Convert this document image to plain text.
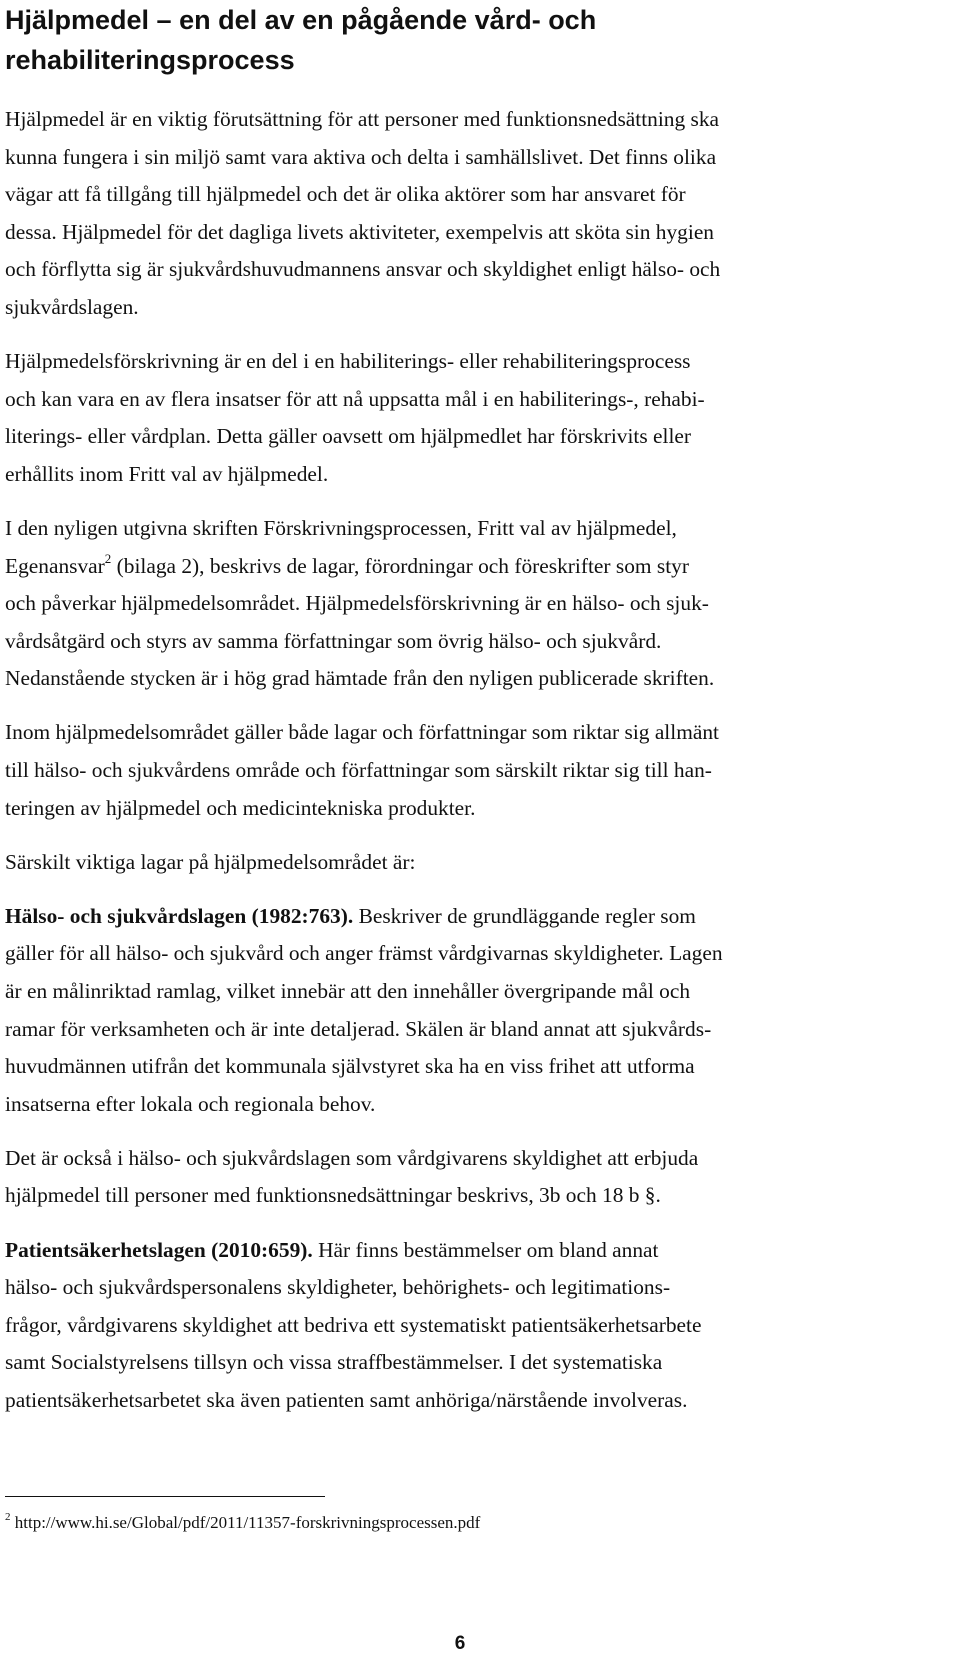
Hjälpmedel – en del av en pågående vård- och
rehabiliteringsprocess

Hjälpmedel är en viktig förutsättning för att personer med funktionsnedsättning ska
kunna fungera i sin miljö samt vara aktiva och delta i samhällslivet. Det finns olika
vägar att få tillgång till hjälpmedel och det är olika aktörer som har ansvaret för
dessa. Hjälpmedel för det dagliga livets aktiviteter, exempelvis att sköta sin hygien
och förflytta sig är sjukvårdshuvudmannens ansvar och skyldighet enligt hälso- och
sjukvårdslagen.

Hjälpmedelsförskrivning är en del i en habiliterings- eller rehabiliteringsprocess
och kan vara en av flera insatser för att nå uppsatta mål i en habiliterings-, rehabi-
literings- eller vårdplan. Detta gäller oavsett om hjälpmedlet har förskrivits eller
erhållits inom Fritt val av hjälpmedel.

I den nyligen utgivna skriften Förskrivningsprocessen, Fritt val av hjälpmedel,
Egenansvar$^2$ (bilaga 2), beskrivs de lagar, förordningar och föreskrifter som styr
och påverkar hjälpmedelsområdet. Hjälpmedelsförskrivning är en hälso- och sjuk-
vårdsåtgärd och styrs av samma författningar som övrig hälso- och sjukvård.
Nedanstående stycken är i hög grad hämtade från den nyligen publicerade skriften.

Inom hjälpmedelsområdet gäller både lagar och författningar som riktar sig allmänt
till hälso- och sjukvårdens område och författningar som särskilt riktar sig till han-
teringen av hjälpmedel och medicintekniska produkter.

Särskilt viktiga lagar på hjälpmedelsområdet är:

Hälso- och sjukvårdslagen (1982:763). Beskriver de grundläggande regler som
gäller för all hälso- och sjukvård och anger främst vårdgivarnas skyldigheter. Lagen
är en målinriktad ramlag, vilket innebär att den innehåller övergripande mål och
ramar för verksamheten och är inte detaljerad. Skälen är bland annat att sjukvårds-
huvudmännen utifrån det kommunala självstyret ska ha en viss frihet att utforma
insatserna efter lokala och regionala behov.

Det är också i hälso- och sjukvårdslagen som vårdgivarens skyldighet att erbjuda
hjälpmedel till personer med funktionsnedsättningar beskrivs, 3b och 18 b §.

Patientsäkerhetslagen (2010:659). Här finns bestämmelser om bland annat
hälso- och sjukvårdspersonalens skyldigheter, behörighets- och legitimations-
frågor, vårdgivarens skyldighet att bedriva ett systematiskt patientsäkerhetsarbete
samt Socialstyrelsens tillsyn och vissa straffbestämmelser. I det systematiska
patientsäkerhetsarbetet ska även patienten samt anhöriga/närstående involveras.

$^2$ http://www.hi.se/Global/pdf/2011/11357-forskrivningsprocessen.pdf
6
